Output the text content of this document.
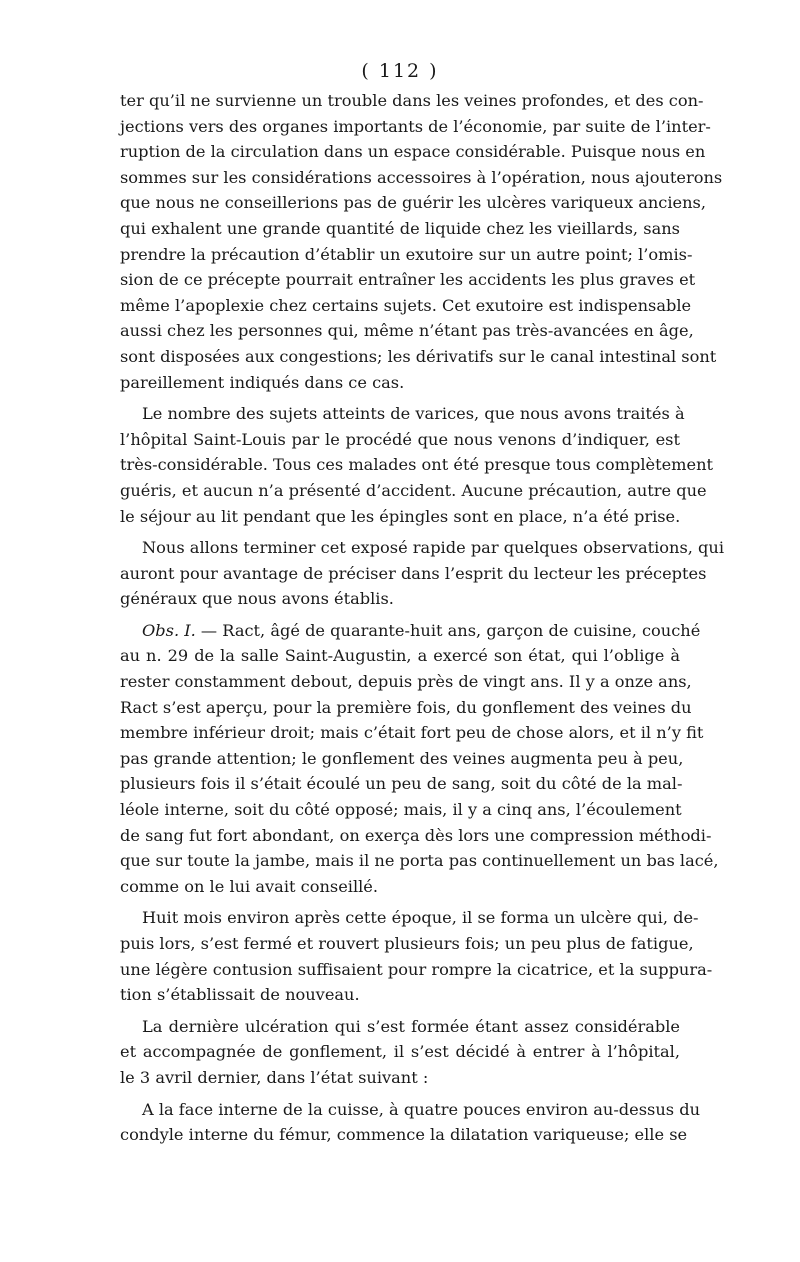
( 112 )
ter qu’il ne survienne un trouble dans les veines profondes, et des con-
jections vers des organes importants de l’économie, par suite de l’inter-
ruption de la circulation dans un espace considérable. Puisque nous en
sommes sur les considérations accessoires à l’opération, nous ajouterons
que nous ne conseillerions pas de guérir les ulcères variqueux anciens,
qui exhalent une grande quantité de liquide chez les vieillards, sans
prendre la précaution d’établir un exutoire sur un autre point; l’omis-
sion de ce précepte pourrait entraîner les accidents les plus graves et
même l’apoplexie chez certains sujets. Cet exutoire est indispensable
aussi chez les personnes qui, même n’étant pas très-avancées en âge,
sont disposées aux congestions; les dérivatifs sur le canal intestinal sont
pareillement indiqués dans ce cas.
Le nombre des sujets atteints de varices, que nous avons traités à
l’hôpital Saint-Louis par le procédé que nous venons d’indiquer, est
très-considérable. Tous ces malades ont été presque tous complètement
guéris, et aucun n’a présenté d’accident. Aucune précaution, autre que
le séjour au lit pendant que les épingles sont en place, n’a été prise.
Nous allons terminer cet exposé rapide par quelques observations, qui
auront pour avantage de préciser dans l’esprit du lecteur les préceptes
généraux que nous avons établis.
Obs. I. — Ract, âgé de quarante-huit ans, garçon de cuisine, couché
au n. 29 de la salle Saint-Augustin, a exercé son état, qui l’oblige à
rester constamment debout, depuis près de vingt ans. Il y a onze ans,
Ract s’est aperçu, pour la première fois, du gonflement des veines du
membre inférieur droit; mais c’était fort peu de chose alors, et il n’y fit
pas grande attention; le gonflement des veines augmenta peu à peu,
plusieurs fois il s’était écoulé un peu de sang, soit du côté de la mal-
léole interne, soit du côté opposé; mais, il y a cinq ans, l’écoulement
de sang fut fort abondant, on exerça dès lors une compression méthodi-
que sur toute la jambe, mais il ne porta pas continuellement un bas lacé,
comme on le lui avait conseillé.
Huit mois environ après cette époque, il se forma un ulcère qui, de-
puis lors, s’est fermé et rouvert plusieurs fois; un peu plus de fatigue,
une légère contusion suffisaient pour rompre la cicatrice, et la suppura-
tion s’établissait de nouveau.
La dernière ulcération qui s’est formée étant assez considérable
et accompagnée de gonflement, il s’est décidé à entrer à l’hôpital,
le 3 avril dernier, dans l’état suivant :
A la face interne de la cuisse, à quatre pouces environ au-dessus du
condyle interne du fémur, commence la dilatation variqueuse; elle se
